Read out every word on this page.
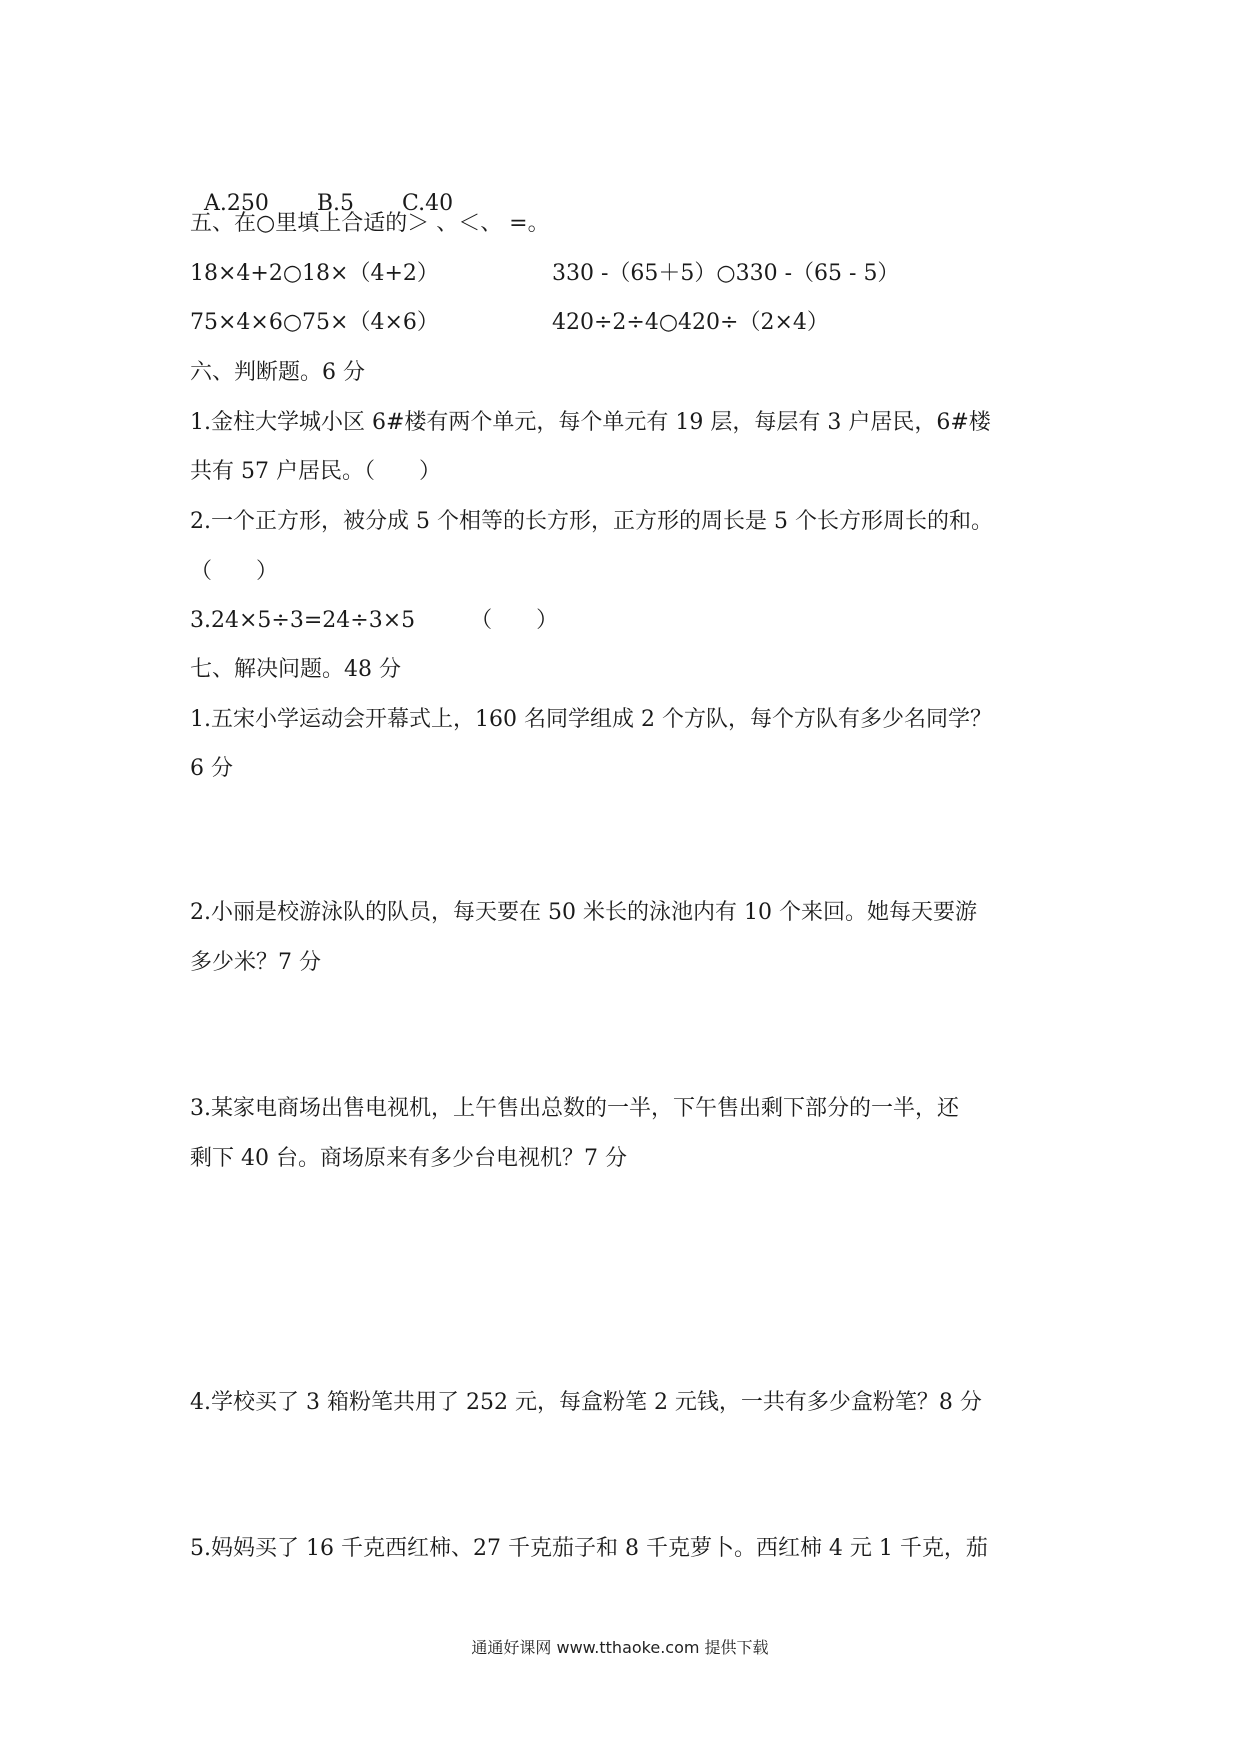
A.250 B.5 C.40

五、在○里填上合适的＞ 、＜、 =。
18×4+2○18×（4+2）	330 -（65＋5）○330 -（65 - 5）
75×4×6○75×（4×6）	420÷2÷4○420÷（2×4）
六、判断题。6 分
1.金柱大学城小区 6#楼有两个单元，每个单元有 19 层，每层有 3 户居民，6#楼
共有 57 户居民。（　　）
2.一个正方形，被分成 5 个相等的长方形，正方形的周长是 5 个长方形周长的和。
（　　）
3.24×5÷3=24÷3×5　　　（　　）
七、解决问题。48 分
1.五宋小学运动会开幕式上，160 名同学组成 2 个方队，每个方队有多少名同学？
6 分
2.小丽是校游泳队的队员，每天要在 50 米长的泳池内有 10 个来回。她每天要游
多少米？7 分
3.某家电商场出售电视机，上午售出总数的一半，下午售出剩下部分的一半，还
剩下 40 台。商场原来有多少台电视机？7 分
4.学校买了 3 箱粉笔共用了 252 元，每盒粉笔 2 元钱，一共有多少盒粉笔？8 分
5.妈妈买了 16 千克西红柿、27 千克茄子和 8 千克萝卜。西红柿 4 元 1 千克，茄
通通好课网 www.tthaoke.com 提供下载
